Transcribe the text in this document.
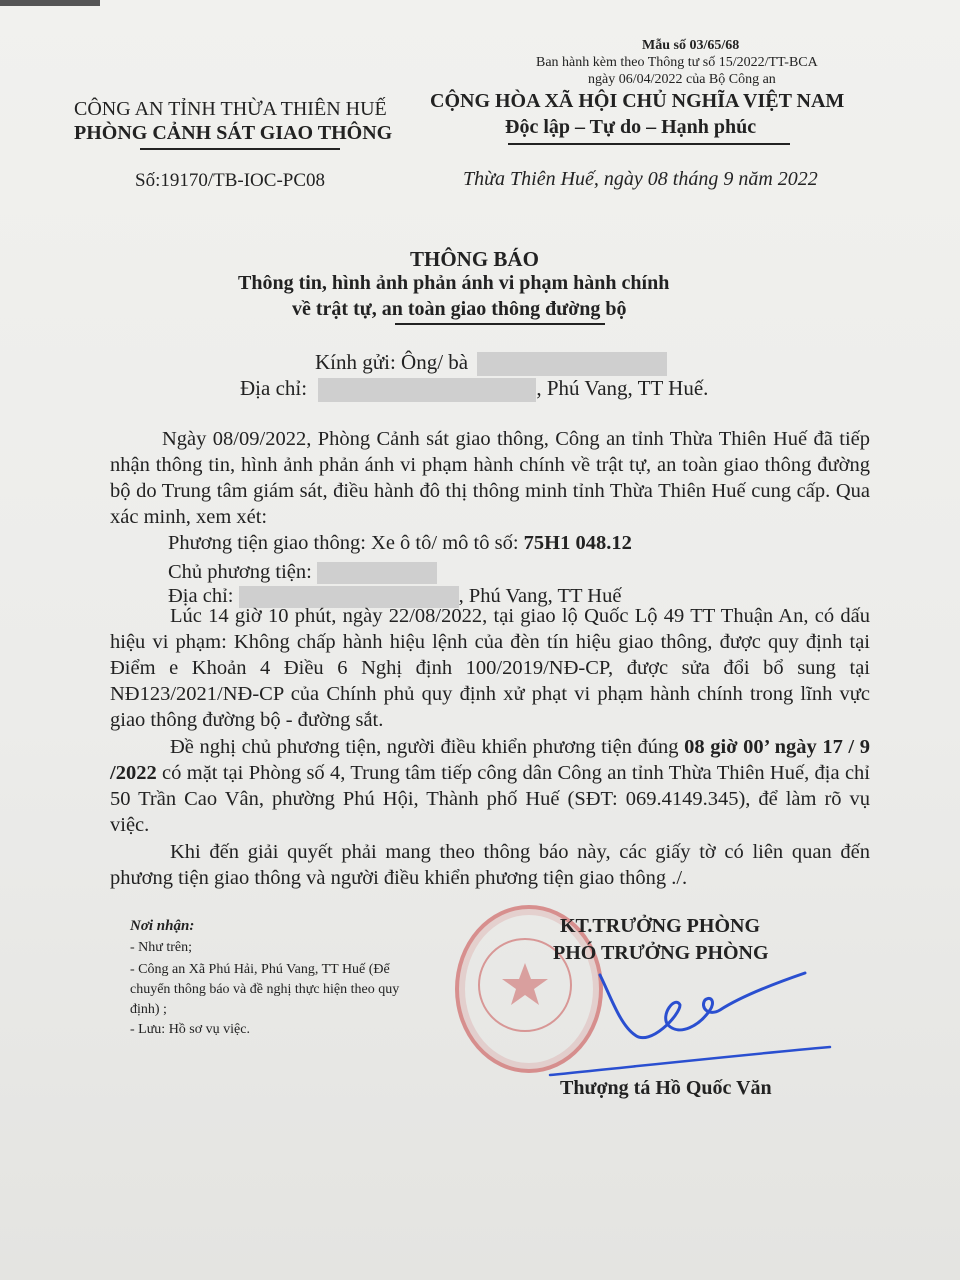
Mẫu số 03/65/68
Ban hành kèm theo Thông tư số 15/2022/TT-BCA
ngày 06/04/2022 của Bộ Công an
CÔNG AN TỈNH THỪA THIÊN HUẾ
PHÒNG CẢNH SÁT GIAO THÔNG
Số:19170/TB-IOC-PC08
CỘNG HÒA XÃ HỘI CHỦ NGHĨA VIỆT NAM
Độc lập – Tự do – Hạnh phúc
Thừa Thiên Huế, ngày 08 tháng 9 năm 2022
THÔNG BÁO
Thông tin, hình ảnh phản ánh vi phạm hành chính
về trật tự, an toàn giao thông đường bộ
Kính gửi: Ông/ bà
Địa chỉ:	, Phú Vang, TT Huế.
Ngày 08/09/2022, Phòng Cảnh sát giao thông, Công an tỉnh Thừa Thiên Huế đã tiếp nhận thông tin, hình ảnh phản ánh vi phạm hành chính về trật tự, an toàn giao thông đường bộ do Trung tâm giám sát, điều hành đô thị thông minh tỉnh Thừa Thiên Huế cung cấp. Qua xác minh, xem xét:
Phương tiện giao thông: Xe ô tô/ mô tô số: 75H1 048.12
Chủ phương tiện:
Địa chỉ:	, Phú Vang, TT Huế
Lúc 14 giờ 10 phút, ngày 22/08/2022, tại giao lộ Quốc Lộ 49 TT Thuận An, có dấu hiệu vi phạm: Không chấp hành hiệu lệnh của đèn tín hiệu giao thông, được quy định tại Điểm e Khoản 4 Điều 6 Nghị định 100/2019/NĐ-CP, được sửa đổi bổ sung tại NĐ123/2021/NĐ-CP của Chính phủ quy định xử phạt vi phạm hành chính trong lĩnh vực giao thông đường bộ - đường sắt.
Đề nghị chủ phương tiện, người điều khiển phương tiện đúng 08 giờ 00’ ngày 17 / 9 /2022 có mặt tại Phòng số 4, Trung tâm tiếp công dân Công an tỉnh Thừa Thiên Huế, địa chỉ 50 Trần Cao Vân, phường Phú Hội, Thành phố Huế (SĐT: 069.4149.345), để làm rõ vụ việc.
Khi đến giải quyết phải mang theo thông báo này, các giấy tờ có liên quan đến phương tiện giao thông và người điều khiển phương tiện giao thông ./.
Nơi nhận:
- Như trên;
- Công an Xã Phú Hải, Phú Vang, TT Huế (Để
chuyển thông báo và đề nghị thực hiện theo quy
định) ;
- Lưu: Hồ sơ vụ việc.
KT.TRƯỞNG PHÒNG
PHÓ TRƯỞNG PHÒNG
Thượng tá Hồ Quốc Văn
